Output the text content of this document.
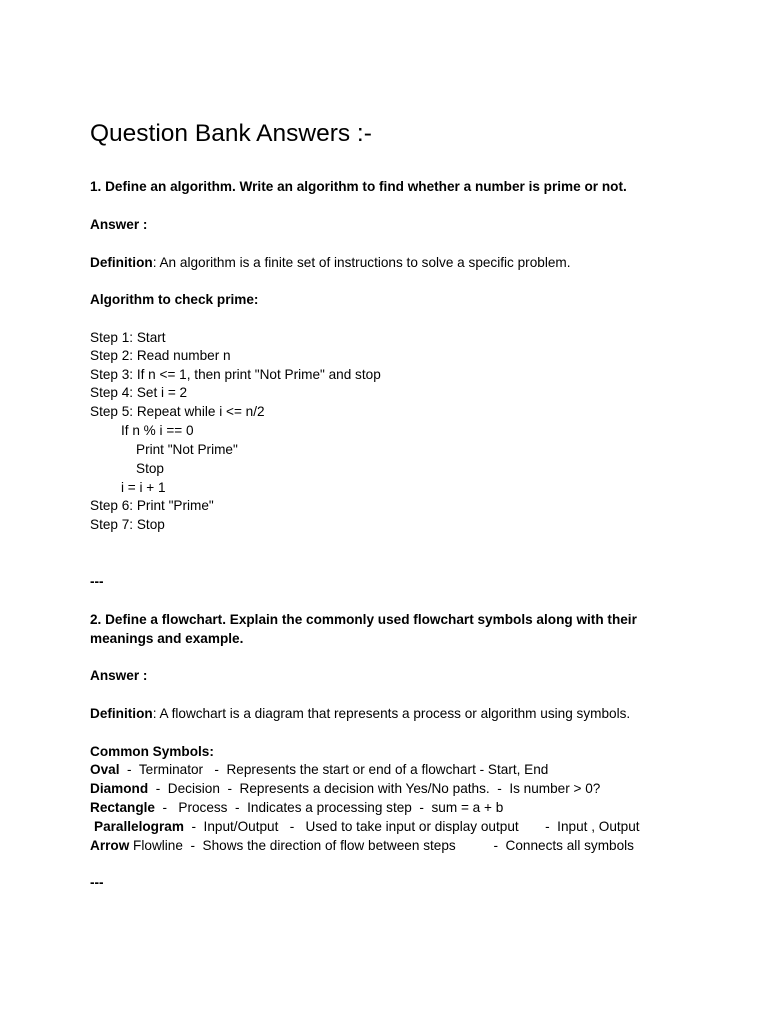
Question Bank Answers :-
1. Define an algorithm. Write an algorithm to find whether a number is prime or not.
Answer :
Definition: An algorithm is a finite set of instructions to solve a specific problem.
Algorithm to check prime:
Step 1: Start
Step 2: Read number n
Step 3: If n <= 1, then print "Not Prime" and stop
Step 4: Set i = 2
Step 5: Repeat while i <= n/2
If n % i == 0
Print "Not Prime"
Stop
i = i + 1
Step 6: Print "Prime"
Step 7: Stop
---
2. Define a flowchart. Explain the commonly used flowchart symbols along with their
meanings and example.
Answer :
Definition: A flowchart is a diagram that represents a process or algorithm using symbols.
Common Symbols:
Oval  -  Terminator   -  Represents the start or end of a flowchart - Start, End
Diamond  -  Decision  -  Represents a decision with Yes/No paths.  -  Is number > 0?
Rectangle  -   Process  -  Indicates a processing step  -  sum = a + b
Parallelogram  -  Input/Output   -   Used to take input or display output       -  Input , Output
Arrow Flowline  -  Shows the direction of flow between steps          -  Connects all symbols
---
